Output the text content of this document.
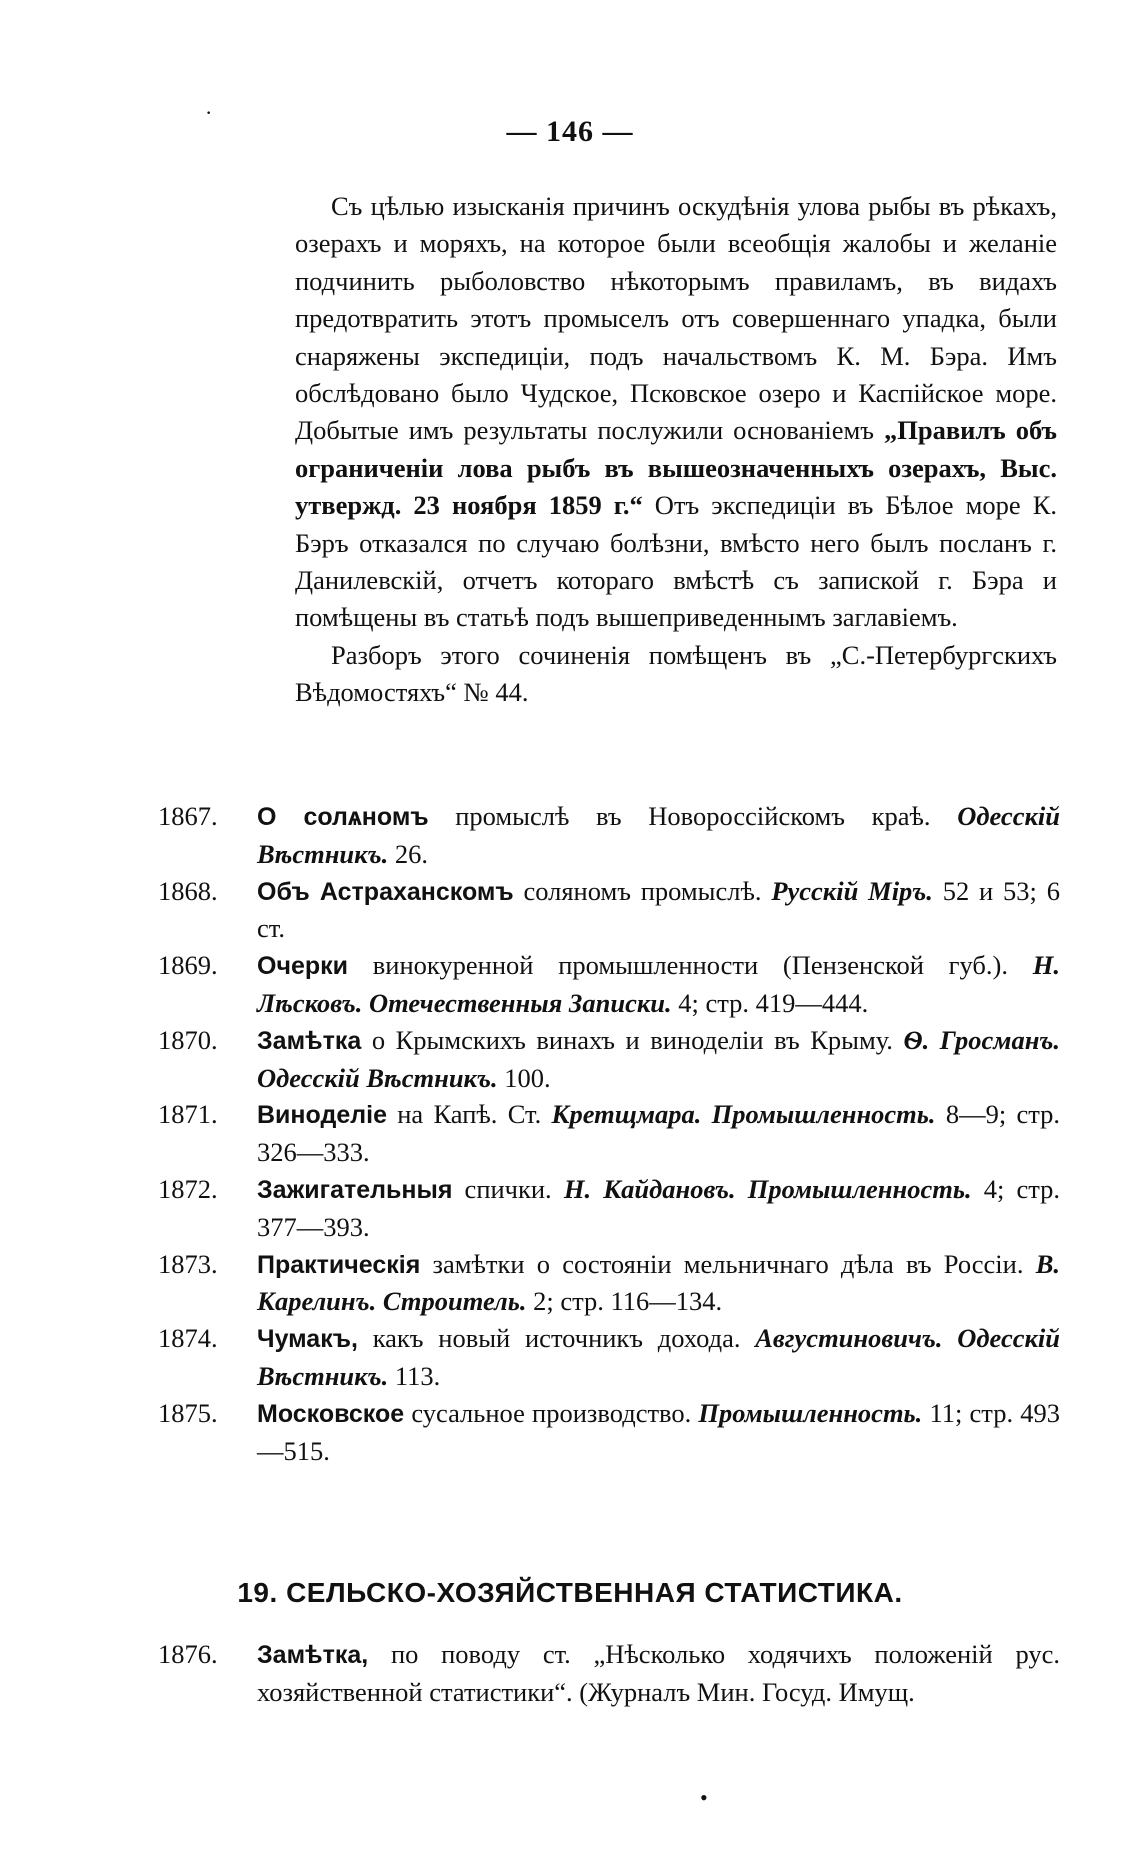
— 146 —

Съ цѣлью изысканія причинъ оскудѣнія улова рыбы въ рѣкахъ, озерахъ и моряхъ, на которое были всеобщія жалобы и желаніе подчинить рыболовство нѣкоторымъ правиламъ, въ видахъ предотвратить этотъ промыселъ отъ совершеннаго упадка, были снаряжены экспедиціи, подъ начальствомъ К. М. Бэра. Имъ обслѣдовано было Чудское, Псковское озеро и Каспійское море. Добытые имъ результаты послужили основаніемъ „Правилъ объ ограниченіи лова рыбъ въ вышеозначенныхъ озерахъ, Выс. утвержд. 23 ноября 1859 г.“ Отъ экспедиціи въ Бѣлое море К. Бэръ отказался по случаю болѣзни, вмѣсто него былъ посланъ г. Данилевскій, отчетъ котораго вмѣстѣ съ запиской г. Бэра и помѣщены въ статьѣ подъ вышеприведеннымъ заглавіемъ.

Разборъ этого сочиненія помѣщенъ въ „С.-Петербургскихъ Вѣдомостяхъ“ № 44.

1867. О солѧномъ промыслѣ въ Новороссійскомъ краѣ. Одесскій Вѣстникъ. 26.
1868. Объ Астраханскомъ соляномъ промыслѣ. Русскій Міръ. 52 и 53; 6 ст.
1869. Очерки винокуренной промышленности (Пензенской губ.). Н. Лѣсковъ. Отечественныя Записки. 4; стр. 419—444.
1870. Замѣтка о Крымскихъ винахъ и виноделіи въ Крыму. Ѳ. Гросманъ. Одесскій Вѣстникъ. 100.
1871. Виноделіе на Капѣ. Ст. Кретщмара. Промышленность. 8—9; стр. 326—333.
1872. Зажигательныя спички. Н. Кайдановъ. Промышленность. 4; стр. 377—393.
1873. Практическія замѣтки о состояніи мельничнаго дѣла въ Россіи. В. Карелинъ. Строитель. 2; стр. 116—134.
1874. Чумакъ, какъ новый источникъ дохода. Августиновичъ. Одесскій Вѣстникъ. 113.
1875. Московское сусальное производство. Промышленность. 11; стр. 493—515.
19. СЕЛЬСКО-ХОЗЯЙСТВЕННАЯ СТАТИСТИКА.
1876. Замѣтка, по поводу ст. „Нѣсколько ходячихъ положеній рус. хозяйственной статистики“. (Журналъ Мин. Госуд. Имущ.
·
•
